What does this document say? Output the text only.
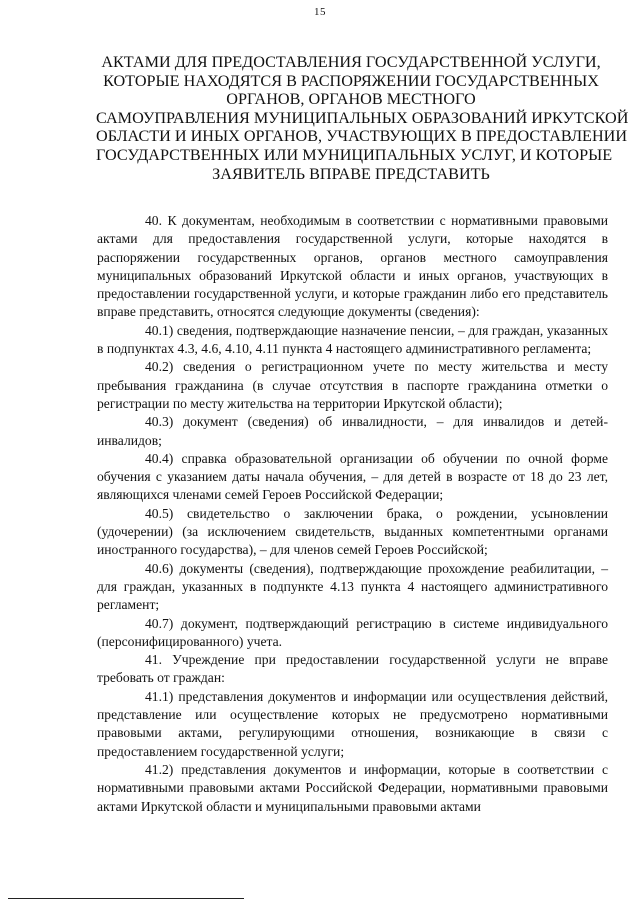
15
АКТАМИ ДЛЯ ПРЕДОСТАВЛЕНИЯ ГОСУДАРСТВЕННОЙ УСЛУГИ,
КОТОРЫЕ НАХОДЯТСЯ В РАСПОРЯЖЕНИИ ГОСУДАРСТВЕННЫХ
ОРГАНОВ, ОРГАНОВ МЕСТНОГО
САМОУПРАВЛЕНИЯ МУНИЦИПАЛЬНЫХ ОБРАЗОВАНИЙ ИРКУТСКОЙ
ОБЛАСТИ И ИНЫХ ОРГАНОВ, УЧАСТВУЮЩИХ В ПРЕДОСТАВЛЕНИИ
ГОСУДАРСТВЕННЫХ ИЛИ МУНИЦИПАЛЬНЫХ УСЛУГ, И КОТОРЫЕ
ЗАЯВИТЕЛЬ ВПРАВЕ ПРЕДСТАВИТЬ

40. К документам, необходимым в соответствии с нормативными правовыми актами для предоставления государственной услуги, которые находятся в распоряжении государственных органов, органов местного самоуправления муниципальных образований Иркутской области и иных органов, участвующих в предоставлении государственной услуги, и которые гражданин либо его представитель вправе представить, относятся следующие документы (сведения):

40.1) сведения, подтверждающие назначение пенсии, – для граждан, указанных в подпунктах 4.3, 4.6, 4.10, 4.11 пункта 4 настоящего административного регламента;

40.2) сведения о регистрационном учете по месту жительства и месту пребывания гражданина (в случае отсутствия в паспорте гражданина отметки о регистрации по месту жительства на территории Иркутской области);

40.3) документ (сведения) об инвалидности, – для инвалидов и детей-инвалидов;

40.4) справка образовательной организации об обучении по очной форме обучения с указанием даты начала обучения, – для детей в возрасте от 18 до 23 лет, являющихся членами семей Героев Российской Федерации;

40.5) свидетельство о заключении брака, о рождении, усыновлении (удочерении) (за исключением свидетельств, выданных компетентными органами иностранного государства), – для членов семей Героев Российской;

40.6) документы (сведения), подтверждающие прохождение реабилитации, – для граждан, указанных в подпункте 4.13 пункта 4 настоящего административного регламент;

40.7) документ, подтверждающий регистрацию в системе индивидуального (персонифицированного) учета.

41. Учреждение при предоставлении государственной услуги не вправе требовать от граждан:

41.1) представления документов и информации или осуществления действий, представление или осуществление которых не предусмотрено нормативными правовыми актами, регулирующими отношения, возникающие в связи с предоставлением государственной услуги;

41.2) представления документов и информации, которые в соответствии с нормативными правовыми актами Российской Федерации, нормативными правовыми актами Иркутской области и муниципальными правовыми актами
